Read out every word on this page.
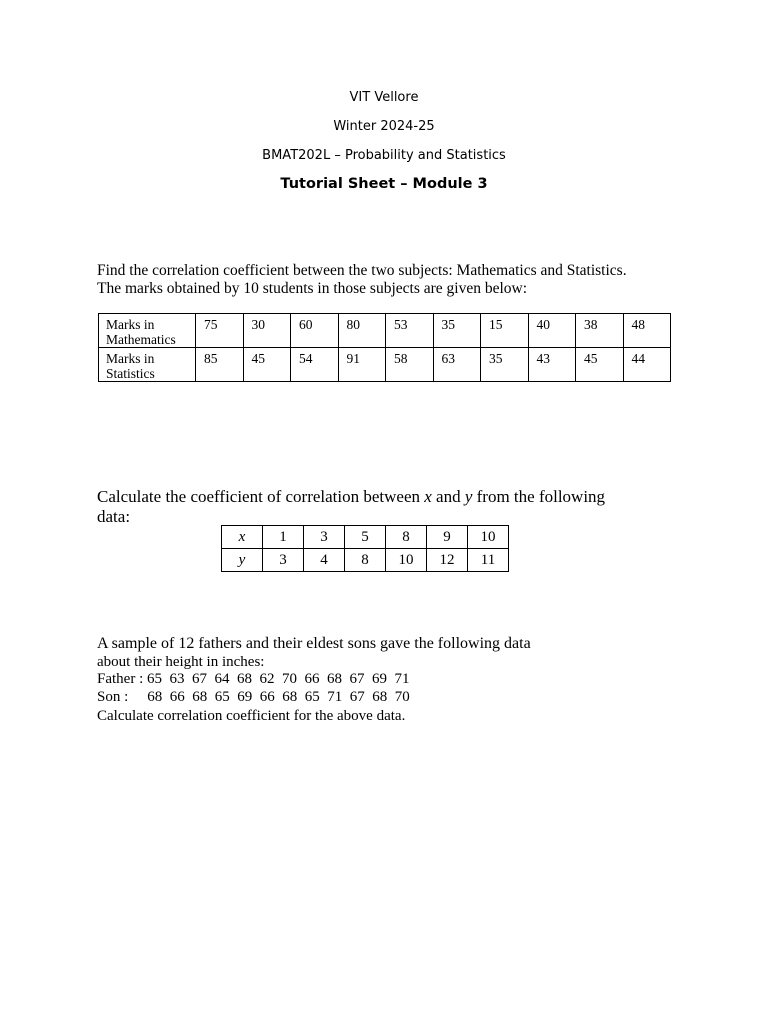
VIT Vellore
Winter 2024-25
BMAT202L – Probability and Statistics
Tutorial Sheet – Module 3
Find the correlation coefficient between the two subjects: Mathematics and Statistics.
The marks obtained by 10 students in those subjects are given below:
Marks in
Mathematics	75	30	60	80	53	35	15	40	38	48
Marks in
Statistics	85	45	54	91	58	63	35	43	45	44
Calculate the coefficient of correlation between x and y from the following
data:
x	1	3	5	8	9	10
y	3	4	8	10	12	11
A sample of 12 fathers and their eldest sons gave the following data
about their height in inches:
Father : 65  63  67  64  68  62  70  66  68  67  69  71
Son : 68  66  68  65  69  66  68  65  71  67  68  70
Calculate correlation coefficient for the above data.
